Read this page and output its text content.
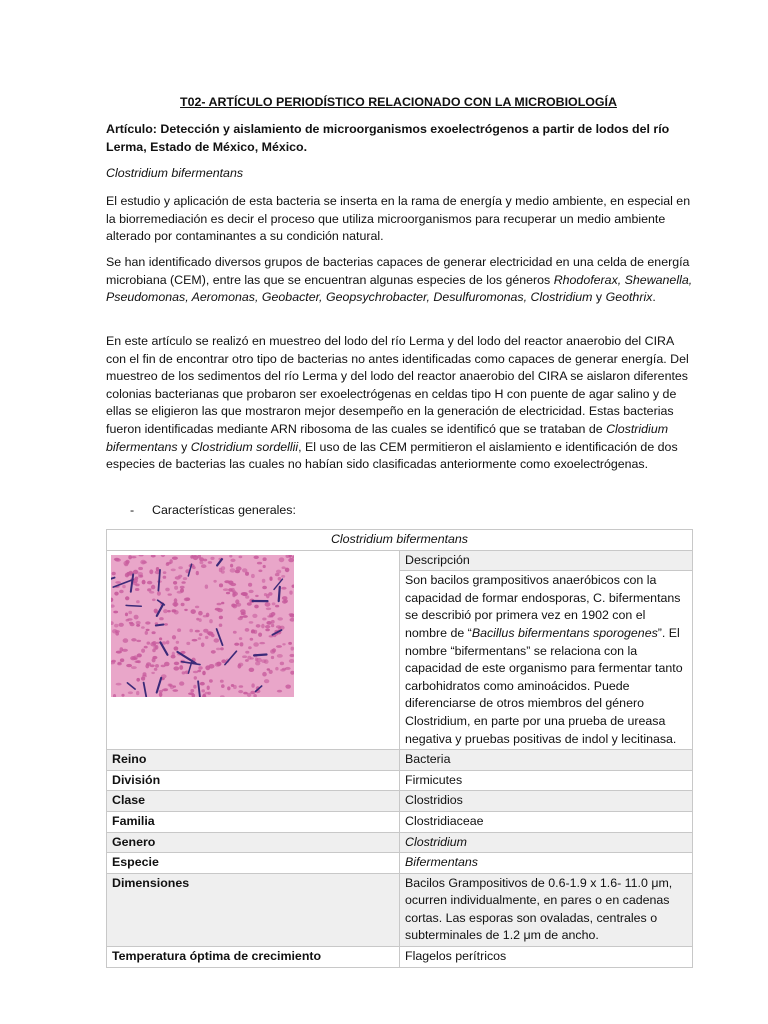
T02- ARTÍCULO PERIODÍSTICO RELACIONADO CON LA MICROBIOLOGÍA
Artículo: Detección y aislamiento de microorganismos exoelectrógenos a partir de lodos del río Lerma, Estado de México, México.
Clostridium bifermentans

El estudio y aplicación de esta bacteria se inserta en la rama de energía y medio ambiente, en especial en la biorremediación es decir el proceso que utiliza microorganismos para recuperar un medio ambiente alterado por contaminantes a su condición natural.

Se han identificado diversos grupos de bacterias capaces de generar electricidad en una celda de energía microbiana (CEM), entre las que se encuentran algunas especies de los géneros Rhodoferax, Shewanella, Pseudomonas, Aeromonas, Geobacter, Geopsychrobacter, Desulfuromonas, Clostridium y Geothrix.

En este artículo se realizó en muestreo del lodo del río Lerma y del lodo del reactor anaerobio del CIRA con el fin de encontrar otro tipo de bacterias no antes identificadas como capaces de generar energía. Del muestreo de los sedimentos del río Lerma y del lodo del reactor anaerobio del CIRA se aislaron diferentes colonias bacterianas que probaron ser exoelectrógenas en celdas tipo H con puente de agar salino y de ellas se eligieron las que mostraron mejor desempeño en la generación de electricidad. Estas bacterias fueron identificadas mediante ARN ribosoma de las cuales se identificó que se trataban de Clostridium bifermentans y Clostridium sordellii, El uso de las CEM permitieron el aislamiento e identificación de dos especies de bacterias las cuales no habían sido clasificadas anteriormente como exoelectrógenas.

- Características generales:
Clostridium bifermentans	

	Descripción
	Son bacilos grampositivos anaeróbicos con la capacidad de formar endosporas, C. bifermentans se describió por primera vez en 1902 con el nombre de “Bacillus bifermentans sporogenes”. El nombre “bifermentans” se relaciona con la capacidad de este organismo para fermentar tanto carbohidratos como aminoácidos. Puede diferenciarse de otros miembros del género Clostridium, en parte por una prueba de ureasa negativa y pruebas positivas de indol y lecitinasa.
Reino	Bacteria
División	Firmicutes
Clase	Clostridios
Familia	Clostridiaceae
Genero	Clostridium
Especie	Bifermentans
Dimensiones	Bacilos Grampositivos de 0.6-1.9 x 1.6- 11.0 μm, ocurren individualmente, en pares o en cadenas cortas. Las esporas son ovaladas, centrales o subterminales de 1.2 μm de ancho.
Temperatura óptima de crecimiento	Flagelos perítricos
